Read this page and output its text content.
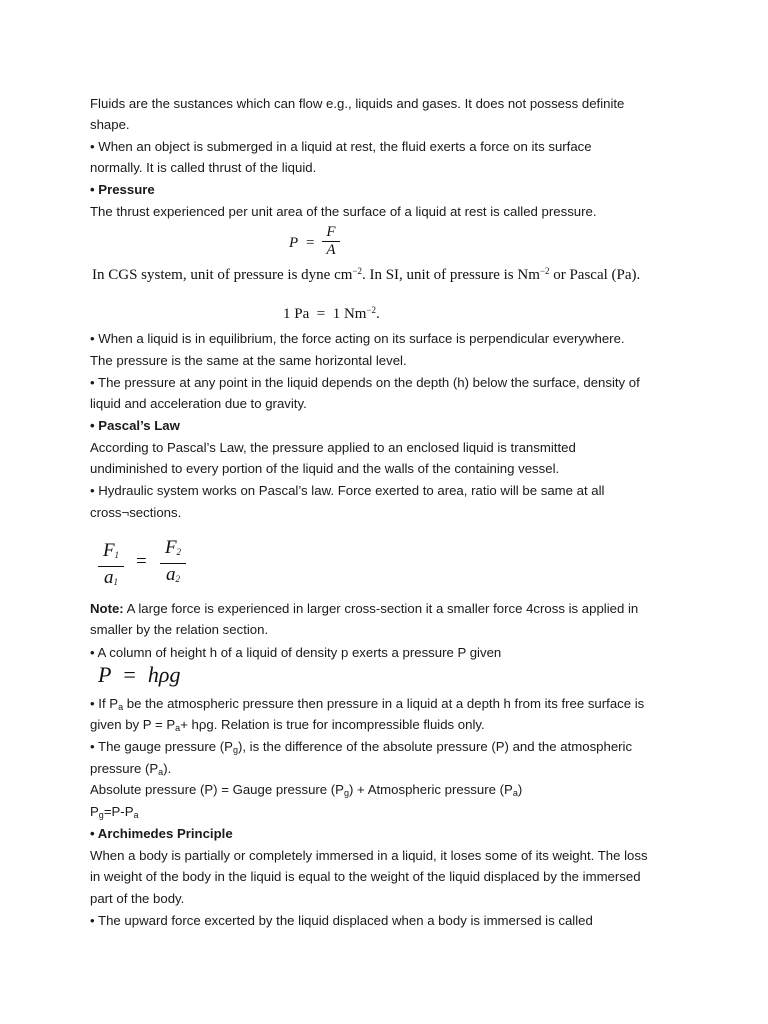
Fluids are the sustances which can flow e.g., liquids and gases. It does not possess definite
shape.
• When an object is submerged in a liquid at rest, the fluid exerts a force on its surface
normally. It is called thrust of the liquid.
• Pressure
The thrust experienced per unit area of the surface of a liquid at rest is called pressure.
P =
F
A
In CGS system, unit of pressure is dyne $cm^{-2}$. In SI, unit of pressure is $Nm^{-2}$ or Pascal (Pa).

1 Pa  =  1 $Nm^{-2}$.

• When a liquid is in equilibrium, the force acting on its surface is perpendicular everywhere.
The pressure is the same at the same horizontal level.
• The pressure at any point in the liquid depends on the depth (h) below the surface, density of
liquid and acceleration due to gravity.
• Pascal’s Law
According to Pascal’s Law, the pressure applied to an enclosed liquid is transmitted
undiminished to every portion of the liquid and the walls of the containing vessel.
• Hydraulic system works on Pascal’s law. Force exerted to area, ratio will be same at all
cross¬sections.
$F_1$
$a_1$
=
$F_2$
$a_2$
Note: A large force is experienced in larger cross-section it a smaller force 4cross is applied in
smaller by the relation section.
• A column of height h of a liquid of density p exerts a pressure P given
P  =  hρg
• If $P_a$ be the atmospheric pressure then pressure in a liquid at a depth h from its free surface is
given by $P = P_a+ h\rho g$. Relation is true for incompressible fluids only.
• The gauge pressure $(P_g)$, is the difference of the absolute pressure (P) and the atmospheric
pressure $(P_a)$.
Absolute pressure (P) = Gauge pressure $(P_g)$ + Atmospheric pressure $(P_a)$
$P_g=P-P_a$
• Archimedes Principle
When a body is partially or completely immersed in a liquid, it loses some of its weight. The loss
in weight of the body in the liquid is equal to the weight of the liquid displaced by the immersed
part of the body.
• The upward force excerted by the liquid displaced when a body is immersed is called
